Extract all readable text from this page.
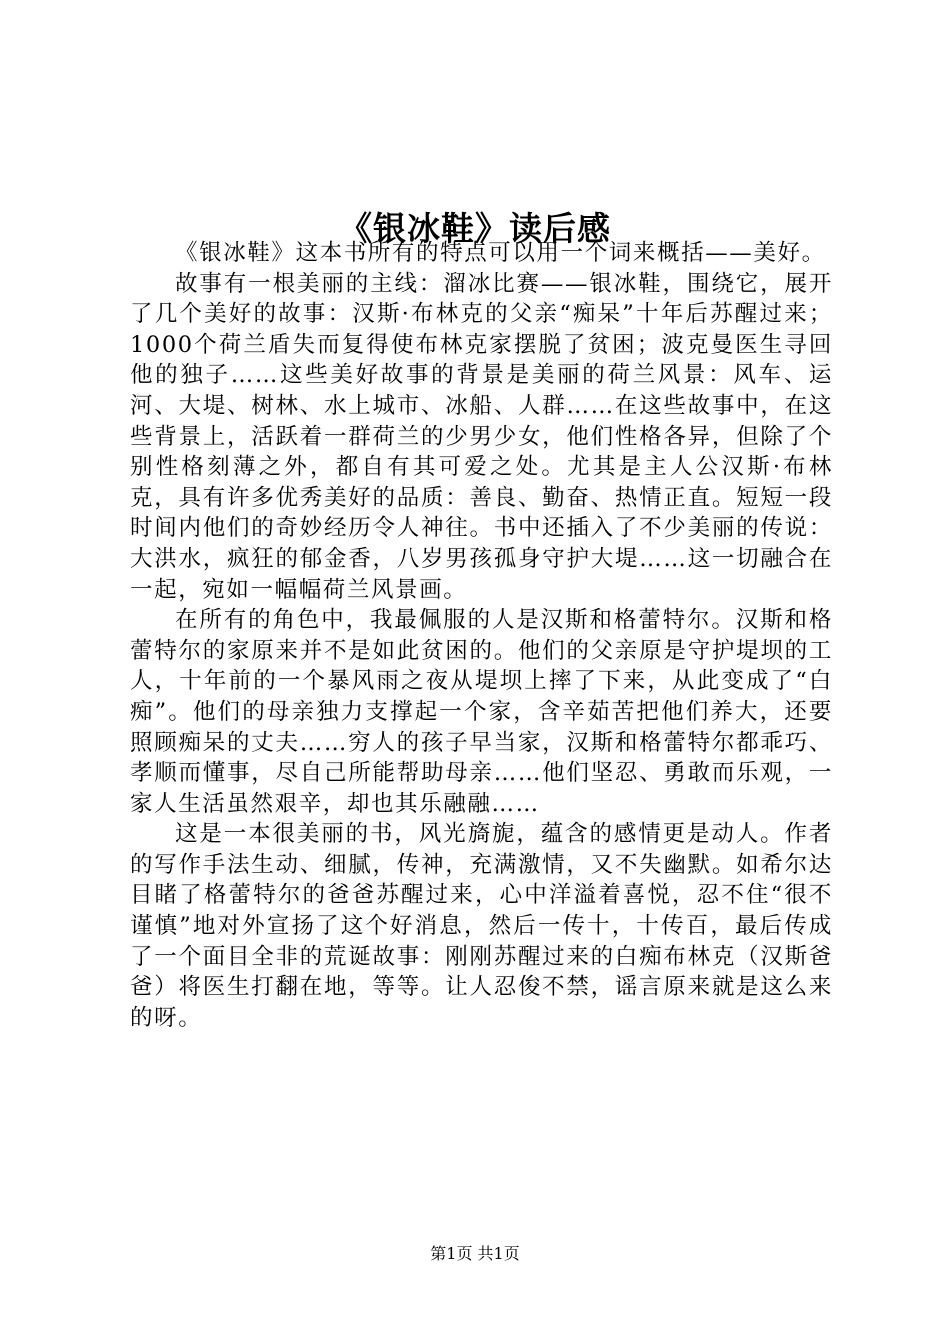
《银冰鞋》读后感

《银冰鞋》这本书所有的特点可以用一个词来概括——美好。

故事有一根美丽的主线：溜冰比赛——银冰鞋，围绕它，展开了几个美好的故事：汉斯·布林克的父亲“痴呆”十年后苏醒过来；1000个荷兰盾失而复得使布林克家摆脱了贫困；波克曼医生寻回他的独子……这些美好故事的背景是美丽的荷兰风景：风车、运河、大堤、树林、水上城市、冰船、人群……在这些故事中，在这些背景上，活跃着一群荷兰的少男少女，他们性格各异，但除了个别性格刻薄之外，都自有其可爱之处。尤其是主人公汉斯·布林克，具有许多优秀美好的品质：善良、勤奋、热情正直。短短一段时间内他们的奇妙经历令人神往。书中还插入了不少美丽的传说：大洪水，疯狂的郁金香，八岁男孩孤身守护大堤……这一切融合在一起，宛如一幅幅荷兰风景画。

在所有的角色中，我最佩服的人是汉斯和格蕾特尔。汉斯和格蕾特尔的家原来并不是如此贫困的。他们的父亲原是守护堤坝的工人，十年前的一个暴风雨之夜从堤坝上摔了下来，从此变成了“白痴”。他们的母亲独力支撑起一个家，含辛茹苦把他们养大，还要照顾痴呆的丈夫……穷人的孩子早当家，汉斯和格蕾特尔都乖巧、孝顺而懂事，尽自己所能帮助母亲……他们坚忍、勇敢而乐观，一家人生活虽然艰辛，却也其乐融融……

这是一本很美丽的书，风光旖旎，蕴含的感情更是动人。作者的写作手法生动、细腻，传神，充满激情，又不失幽默。如希尔达目睹了格蕾特尔的爸爸苏醒过来，心中洋溢着喜悦，忍不住“很不谨慎”地对外宣扬了这个好消息，然后一传十，十传百，最后传成了一个面目全非的荒诞故事：刚刚苏醒过来的白痴布林克（汉斯爸爸）将医生打翻在地，等等。让人忍俊不禁，谣言原来就是这么来的呀。

第1页 共1页
